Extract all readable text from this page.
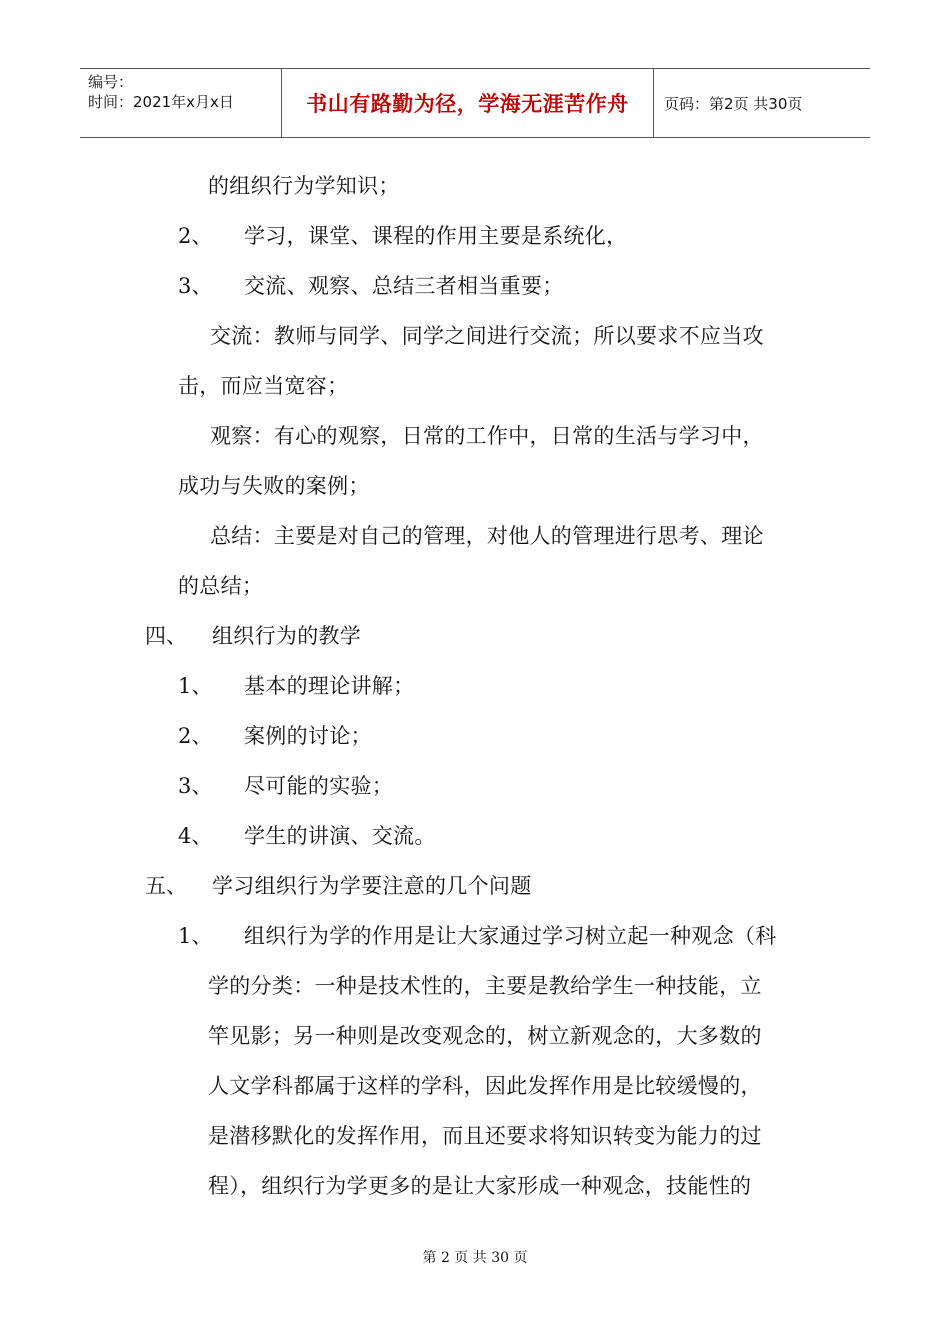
编号：
时间：2021年x月x日	书山有路勤为径，学海无涯苦作舟	页码：第2页 共30页
的组织行为学知识；
2、 学习，课堂、课程的作用主要是系统化，
3、 交流、观察、总结三者相当重要；
交流：教师与同学、同学之间进行交流；所以要求不应当攻
击，而应当宽容；
观察：有心的观察，日常的工作中，日常的生活与学习中，
成功与失败的案例；
总结：主要是对自己的管理，对他人的管理进行思考、理论
的总结；
四、 组织行为的教学
1、 基本的理论讲解；
2、 案例的讨论；
3、 尽可能的实验；
4、 学生的讲演、交流。
五、 学习组织行为学要注意的几个问题
1、 组织行为学的作用是让大家通过学习树立起一种观念（科
学的分类：一种是技术性的，主要是教给学生一种技能，立
竿见影；另一种则是改变观念的，树立新观念的，大多数的
人文学科都属于这样的学科，因此发挥作用是比较缓慢的，
是潜移默化的发挥作用，而且还要求将知识转变为能力的过
程），组织行为学更多的是让大家形成一种观念，技能性的
第 2 页 共 30 页
